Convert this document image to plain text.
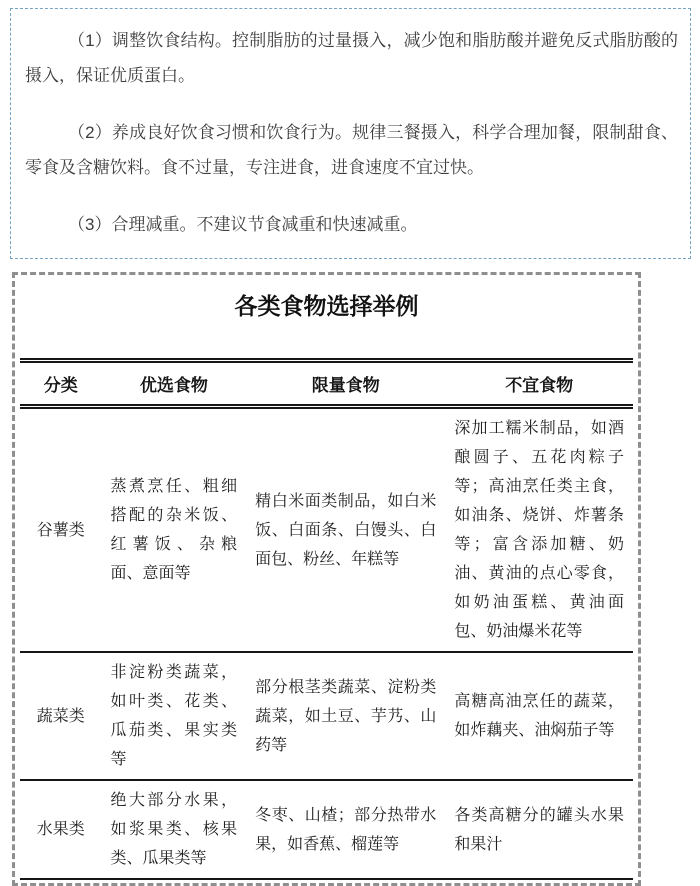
（1）调整饮食结构。控制脂肪的过量摄入，减少饱和脂肪酸并避免反式脂肪酸的摄入，保证优质蛋白。

（2）养成良好饮食习惯和饮食行为。规律三餐摄入，科学合理加餐，限制甜食、零食及含糖饮料。食不过量，专注进食，进食速度不宜过快。

（3）合理减重。不建议节食减重和快速减重。

各类食物选择举例
分类	优选食物	限量食物	不宜食物
谷薯类	蒸煮烹任、粗细搭配的杂米饭、红薯饭、杂粮面、意面等	精白米面类制品，如白米饭、白面条、白馒头、白面包、粉丝、年糕等	深加工糯米制品，如酒酿圆子、五花肉粽子等；高油烹任类主食，如油条、烧饼、炸薯条等；富含添加糖、奶油、黄油的点心零食，如奶油蛋糕、黄油面包、奶油爆米花等
蔬菜类	非淀粉类蔬菜，如叶类、花类、瓜茄类、果实类等	部分根茎类蔬菜、淀粉类蔬菜，如土豆、芋艿、山药等	高糖高油烹任的蔬菜，如炸藕夹、油焖茄子等
水果类	绝大部分水果，如浆果类、核果类、瓜果类等	冬枣、山楂；部分热带水果，如香蕉、榴莲等	各类高糖分的罐头水果和果汁
